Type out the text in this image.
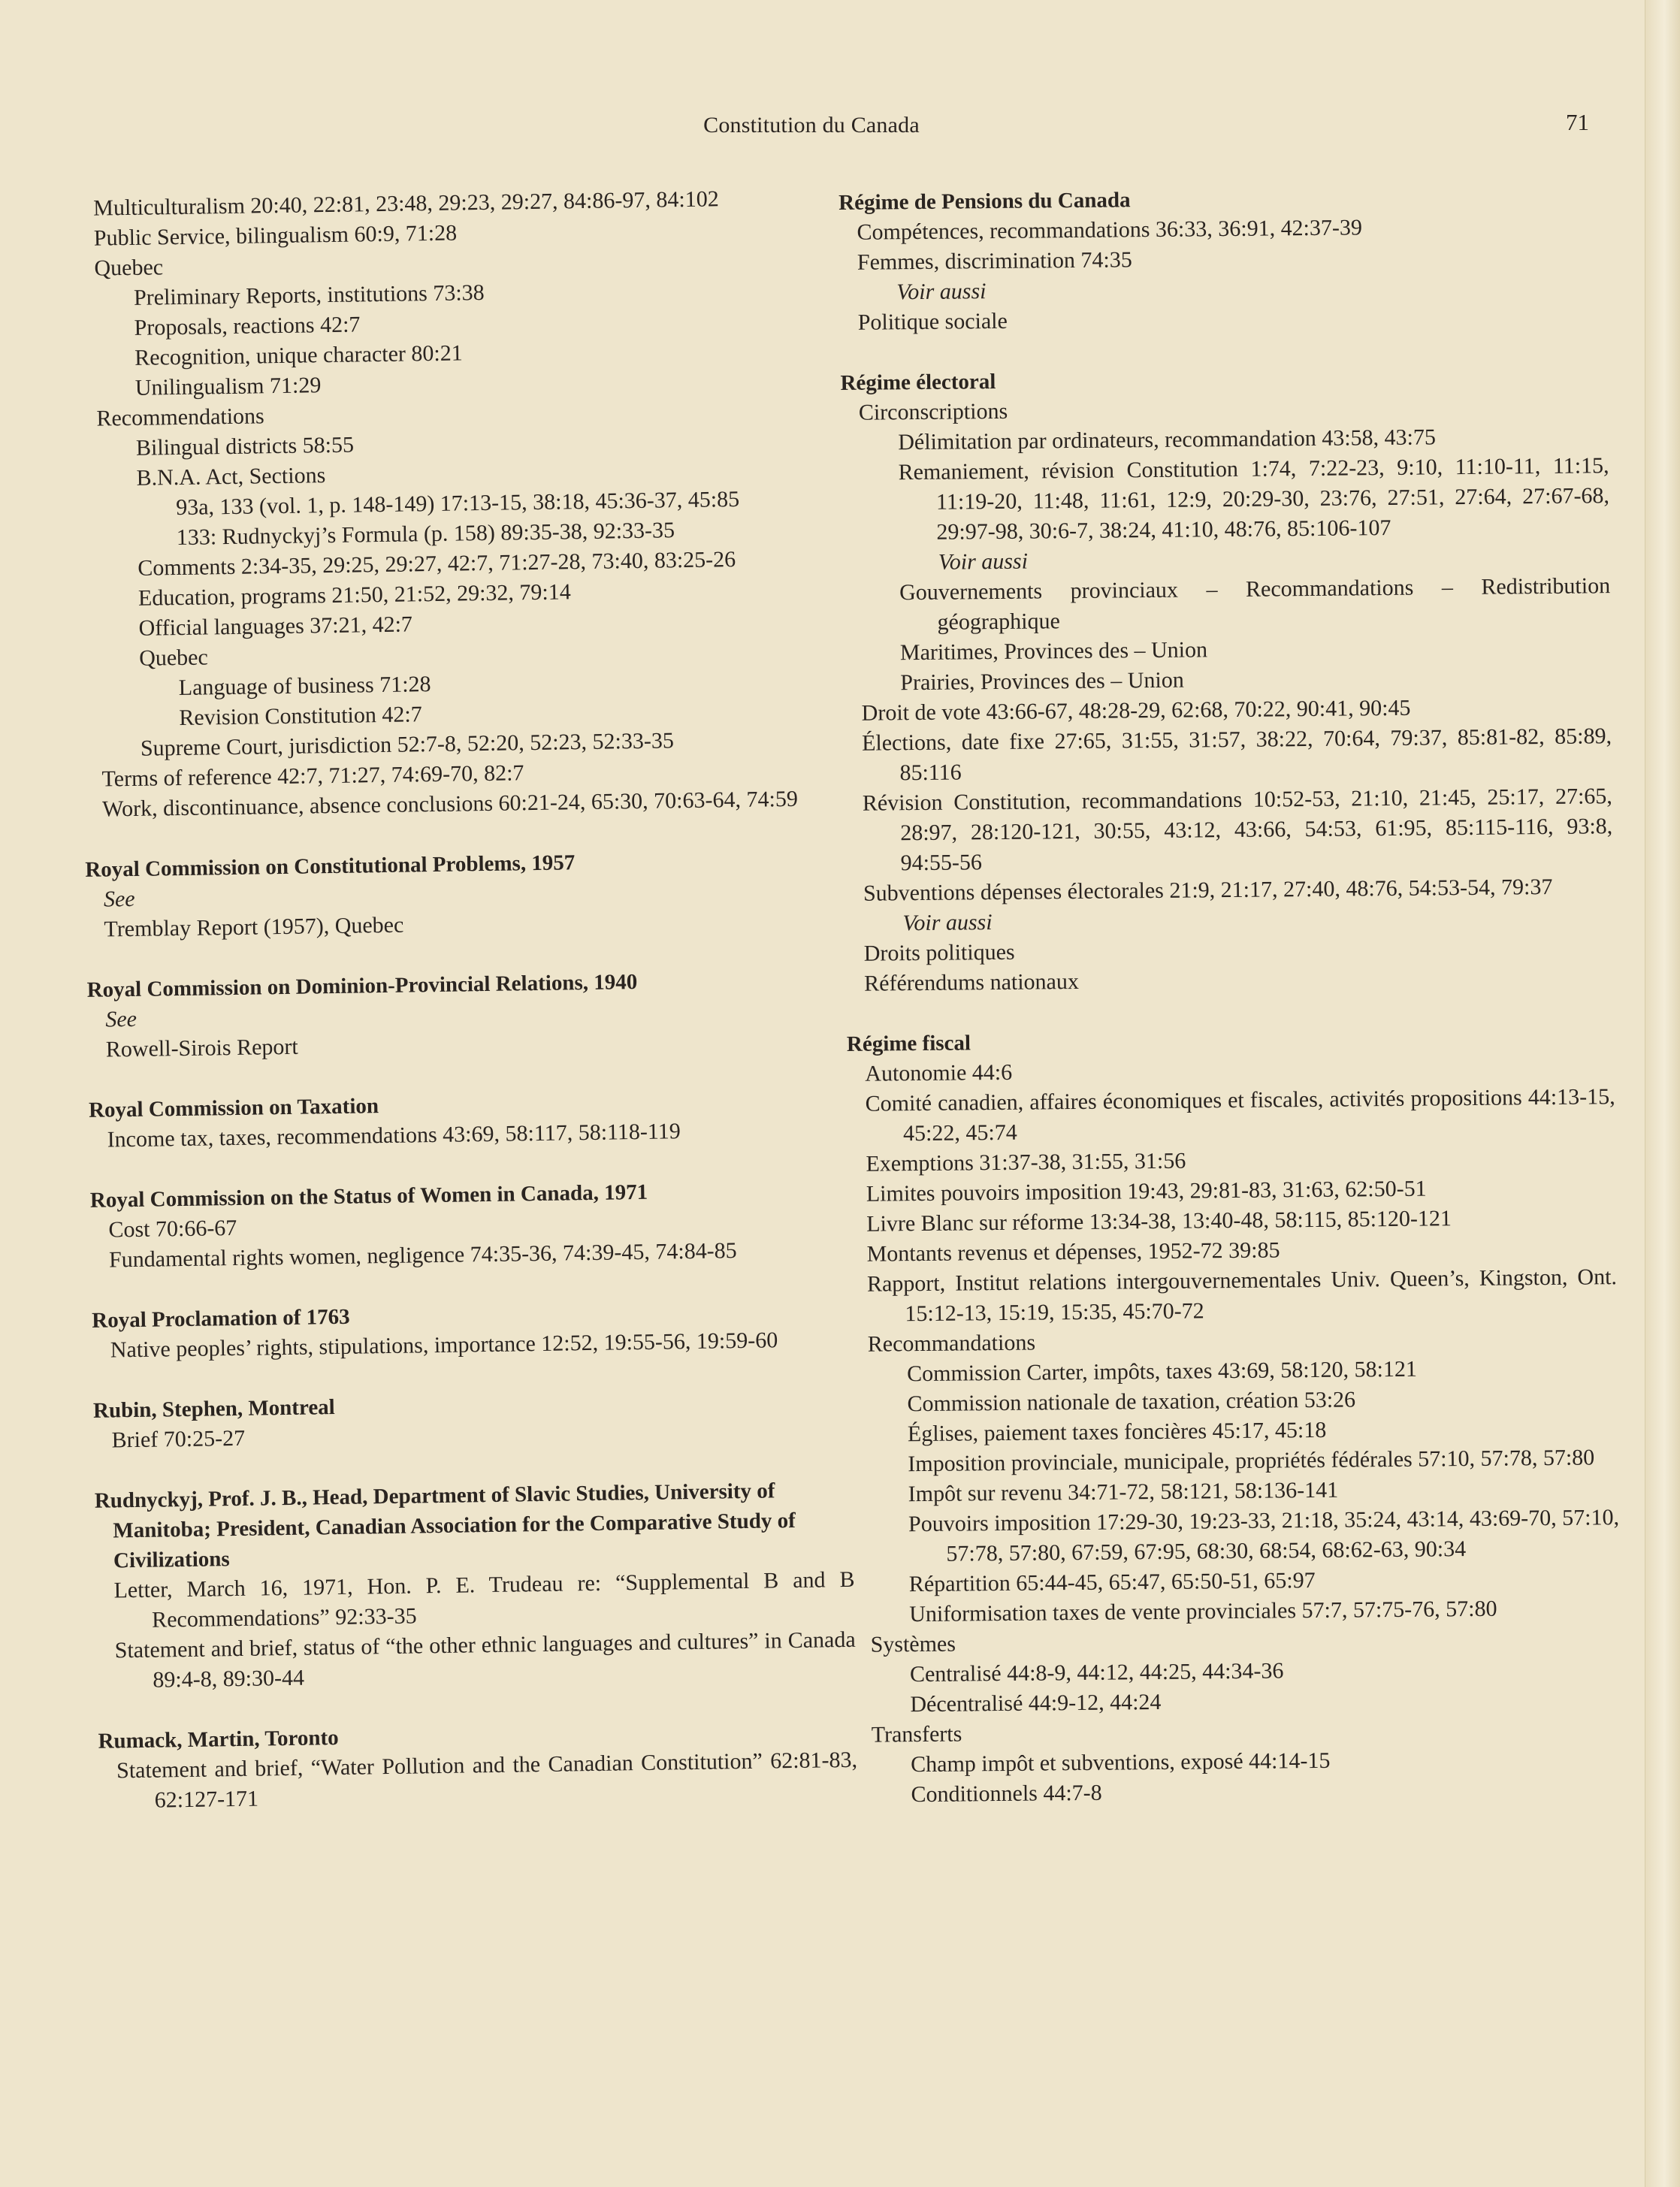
Constitution du Canada	71
Multiculturalism 20:40, 22:81, 23:48, 29:23, 29:27, 84:86-97, 84:102
Public Service, bilingualism 60:9, 71:28
Quebec
Preliminary Reports, institutions 73:38
Proposals, reactions 42:7
Recognition, unique character 80:21
Unilingualism 71:29
Recommendations
Bilingual districts 58:55
B.N.A. Act, Sections
93a, 133 (vol. 1, p. 148-149) 17:13-15, 38:18, 45:36-37, 45:85
133: Rudnyckyj’s Formula (p. 158) 89:35-38, 92:33-35
Comments 2:34-35, 29:25, 29:27, 42:7, 71:27-28, 73:40, 83:25-26
Education, programs 21:50, 21:52, 29:32, 79:14
Official languages 37:21, 42:7
Quebec
Language of business 71:28
Revision Constitution 42:7
Supreme Court, jurisdiction 52:7-8, 52:20, 52:23, 52:33-35
Terms of reference 42:7, 71:27, 74:69-70, 82:7
Work, discontinuance, absence conclusions 60:21-24, 65:30, 70:63-64, 74:59
Royal Commission on Constitutional Problems, 1957
See
Tremblay Report (1957), Quebec
Royal Commission on Dominion-Provincial Relations, 1940
See
Rowell-Sirois Report
Royal Commission on Taxation
Income tax, taxes, recommendations 43:69, 58:117, 58:118-119
Royal Commission on the Status of Women in Canada, 1971
Cost 70:66-67
Fundamental rights women, negligence 74:35-36, 74:39-45, 74:84-85
Royal Proclamation of 1763
Native peoples’ rights, stipulations, importance 12:52, 19:55-56, 19:59-60
Rubin, Stephen, Montreal
Brief 70:25-27
Rudnyckyj, Prof. J. B., Head, Department of Slavic Studies, University of Manitoba; President, Canadian Association for the Comparative Study of Civilizations
Letter, March 16, 1971, Hon. P. E. Trudeau re: “Supplemental B and B Recommendations” 92:33-35
Statement and brief, status of “the other ethnic languages and cultures” in Canada 89:4-8, 89:30-44
Rumack, Martin, Toronto
Statement and brief, “Water Pollution and the Canadian Constitution” 62:81-83, 62:127-171
Régime de Pensions du Canada
Compétences, recommandations 36:33, 36:91, 42:37-39
Femmes, discrimination 74:35
Voir aussi
Politique sociale
Régime électoral
Circonscriptions
Délimitation par ordinateurs, recommandation 43:58, 43:75
Remaniement, révision Constitution 1:74, 7:22-23, 9:10, 11:10-11, 11:15, 11:19-20, 11:48, 11:61, 12:9, 20:29-30, 23:76, 27:51, 27:64, 27:67-68, 29:97-98, 30:6-7, 38:24, 41:10, 48:76, 85:106-107
Voir aussi
Gouvernements provinciaux – Recommandations – Redistribution géographique
Maritimes, Provinces des – Union
Prairies, Provinces des – Union
Droit de vote 43:66-67, 48:28-29, 62:68, 70:22, 90:41, 90:45
Élections, date fixe 27:65, 31:55, 31:57, 38:22, 70:64, 79:37, 85:81-82, 85:89, 85:116
Révision Constitution, recommandations 10:52-53, 21:10, 21:45, 25:17, 27:65, 28:97, 28:120-121, 30:55, 43:12, 43:66, 54:53, 61:95, 85:115-116, 93:8, 94:55-56
Subventions dépenses électorales 21:9, 21:17, 27:40, 48:76, 54:53-54, 79:37
Voir aussi
Droits politiques
Référendums nationaux
Régime fiscal
Autonomie 44:6
Comité canadien, affaires économiques et fiscales, activités propositions 44:13-15, 45:22, 45:74
Exemptions 31:37-38, 31:55, 31:56
Limites pouvoirs imposition 19:43, 29:81-83, 31:63, 62:50-51
Livre Blanc sur réforme 13:34-38, 13:40-48, 58:115, 85:120-121
Montants revenus et dépenses, 1952-72 39:85
Rapport, Institut relations intergouvernementales Univ. Queen’s, Kingston, Ont. 15:12-13, 15:19, 15:35, 45:70-72
Recommandations
Commission Carter, impôts, taxes 43:69, 58:120, 58:121
Commission nationale de taxation, création 53:26
Églises, paiement taxes foncières 45:17, 45:18
Imposition provinciale, municipale, propriétés fédérales 57:10, 57:78, 57:80
Impôt sur revenu 34:71-72, 58:121, 58:136-141
Pouvoirs imposition 17:29-30, 19:23-33, 21:18, 35:24, 43:14, 43:69-70, 57:10, 57:78, 57:80, 67:59, 67:95, 68:30, 68:54, 68:62-63, 90:34
Répartition 65:44-45, 65:47, 65:50-51, 65:97
Uniformisation taxes de vente provinciales 57:7, 57:75-76, 57:80
Systèmes
Centralisé 44:8-9, 44:12, 44:25, 44:34-36
Décentralisé 44:9-12, 44:24
Transferts
Champ impôt et subventions, exposé 44:14-15
Conditionnels 44:7-8
